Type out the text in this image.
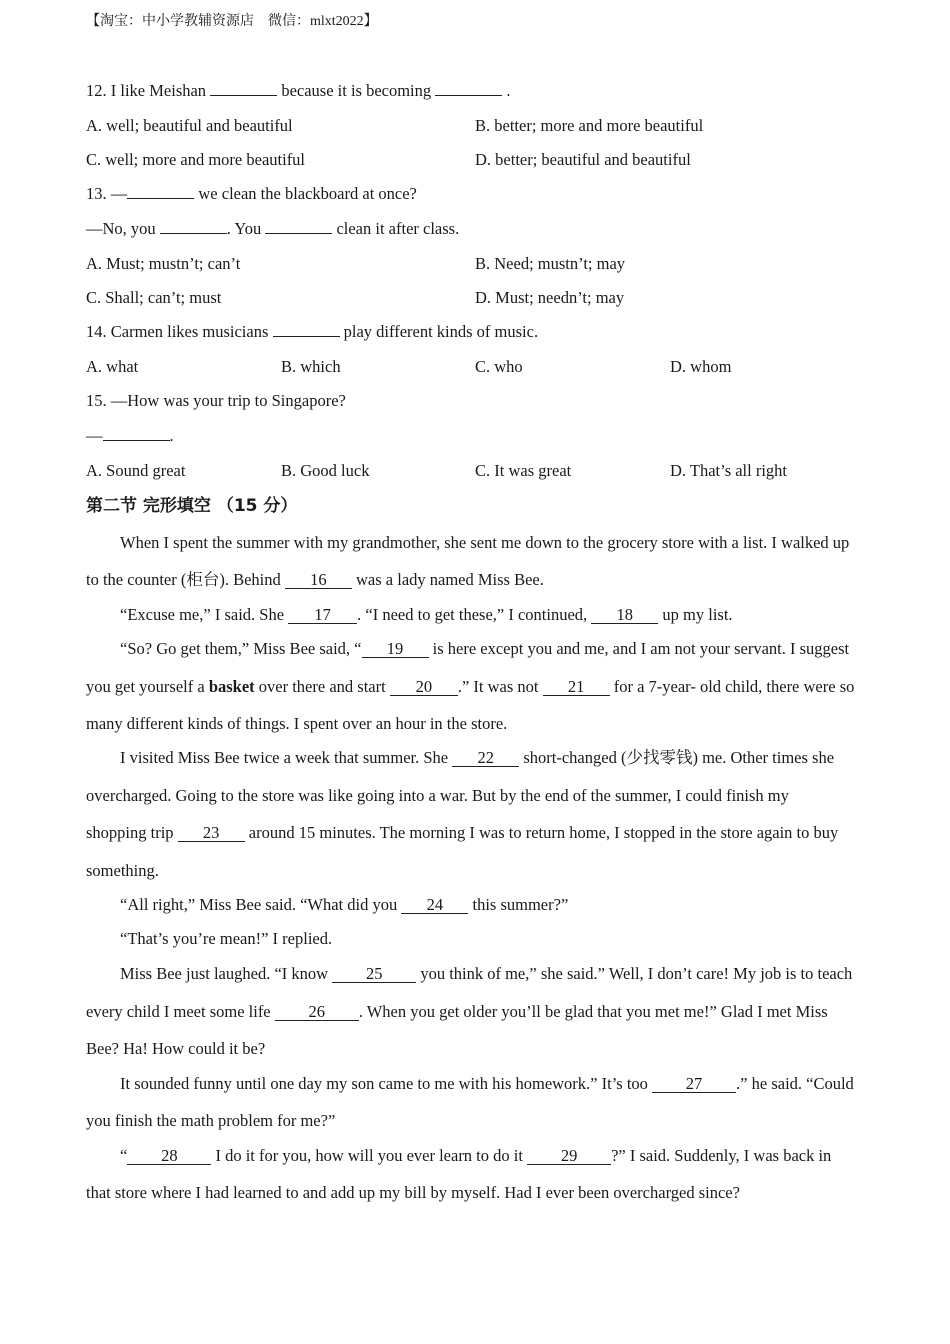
【淘宝：中小学教辅资源店　微信：mlxt2022】
12. I like Meishan	because it is becoming	.
A. well; beautiful and beautiful	B. better; more and more beautiful
C. well; more and more beautiful	D. better; beautiful and beautiful
13. —	we clean the blackboard at once?
—No, you	. You	clean it after class.
A. Must; mustn’t; can’t	B. Need; mustn’t; may
C. Shall; can’t; must	D. Must; needn’t; may
14. Carmen likes musicians	play different kinds of music.
A. what	B. which	C. who	D. whom
15. —How was your trip to Singapore?
—	.
A. Sound great	B. Good luck	C. It was great	D. That’s all right
第二节 完形填空 （15 分）
When I spent the summer with my grandmother, she sent me down to the grocery store with a list. I walked up
to the counter (柜台). Behind 16 was a lady named Miss Bee.
“Excuse me,” I said. She 17 . “I need to get these,” I continued, 18 up my list.
“So? Go get them,” Miss Bee said, “ 19 is here except you and me, and I am not your servant. I suggest
you get yourself a basket over there and start 20 .” It was not 21 for a 7-year- old child, there were so
many different kinds of things. I spent over an hour in the store.
I visited Miss Bee twice a week that summer. She 22 short-changed (少找零钱) me. Other times she
overcharged. Going to the store was like going into a war. But by the end of the summer, I could finish my
shopping trip 23 around 15 minutes. The morning I was to return home, I stopped in the store again to buy
something.
“All right,” Miss Bee said. “What did you 24 this summer?”
“That’s you’re mean!” I replied.
Miss Bee just laughed. “I know 25 you think of me,” she said.” Well, I don’t care! My job is to teach
every child I meet some life 26 . When you get older you’ll be glad that you met me!” Glad I met Miss
Bee? Ha! How could it be?
It sounded funny until one day my son came to me with his homework.” It’s too 27 .” he said. “Could
you finish the math problem for me?”
“ 28 I do it for you, how will you ever learn to do it 29 ?” I said. Suddenly, I was back in
that store where I had learned to and add up my bill by myself. Had I ever been overcharged since?
